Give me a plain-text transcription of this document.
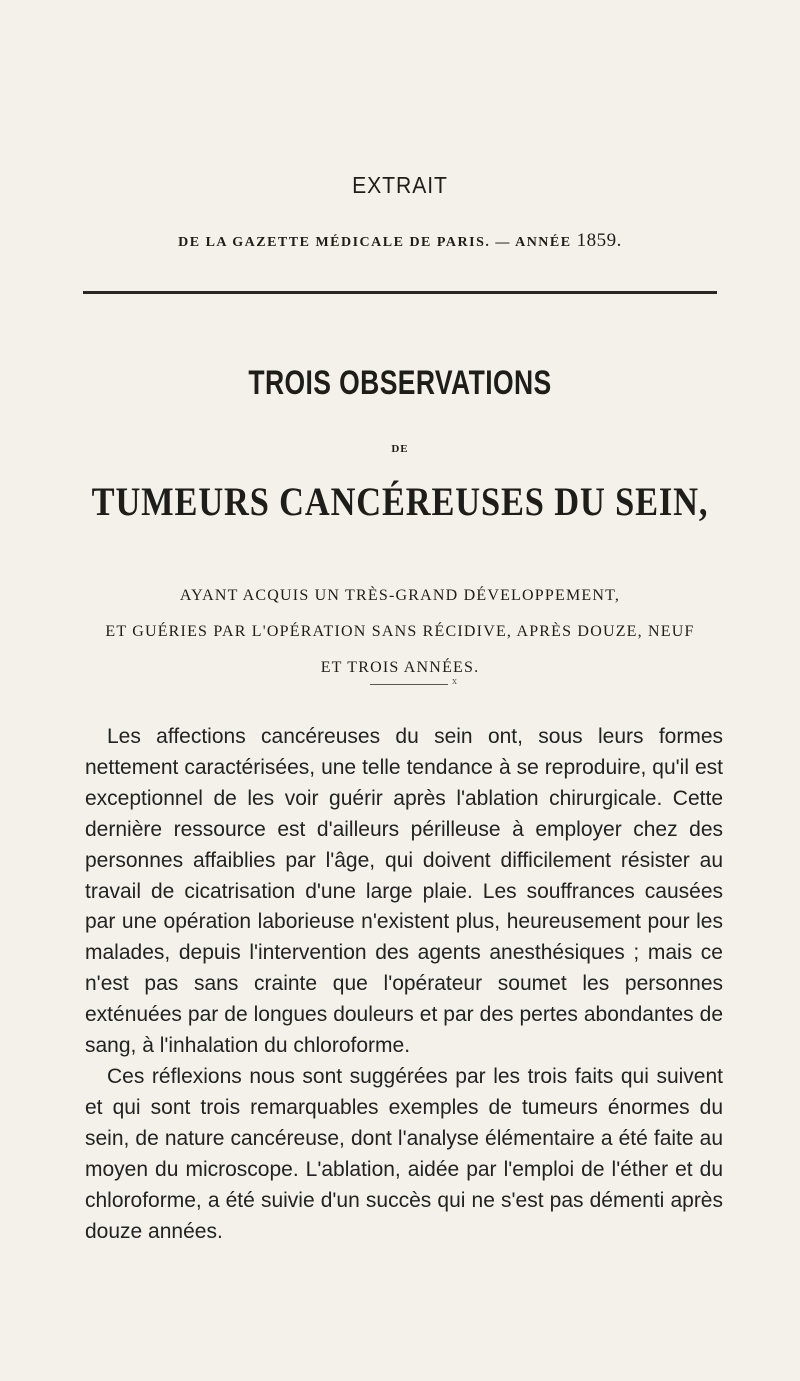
EXTRAIT
DE LA GAZETTE MÉDICALE DE PARIS. — ANNÉE 1859.
TROIS OBSERVATIONS
DE
TUMEURS CANCÉREUSES DU SEIN,
AYANT ACQUIS UN TRÈS-GRAND DÉVELOPPEMENT,
ET GUÉRIES PAR L'OPÉRATION SANS RÉCIDIVE, APRÈS DOUZE, NEUF
ET TROIS ANNÉES.
x

Les affections cancéreuses du sein ont, sous leurs formes nettement caractérisées, une telle tendance à se reproduire, qu'il est exceptionnel de les voir guérir après l'ablation chirurgicale. Cette dernière ressource est d'ailleurs périlleuse à employer chez des personnes affaiblies par l'âge, qui doivent difficilement résister au travail de cicatrisation d'une large plaie. Les souffrances causées par une opération laborieuse n'existent plus, heureusement pour les malades, depuis l'intervention des agents anesthésiques ; mais ce n'est pas sans crainte que l'opérateur soumet les personnes exténuées par de longues douleurs et par des pertes abondantes de sang, à l'inhalation du chloroforme.

Ces réflexions nous sont suggérées par les trois faits qui suivent et qui sont trois remarquables exemples de tumeurs énormes du sein, de nature cancéreuse, dont l'analyse élémentaire a été faite au moyen du microscope. L'ablation, aidée par l'emploi de l'éther et du chloroforme, a été suivie d'un succès qui ne s'est pas démenti après douze années.
